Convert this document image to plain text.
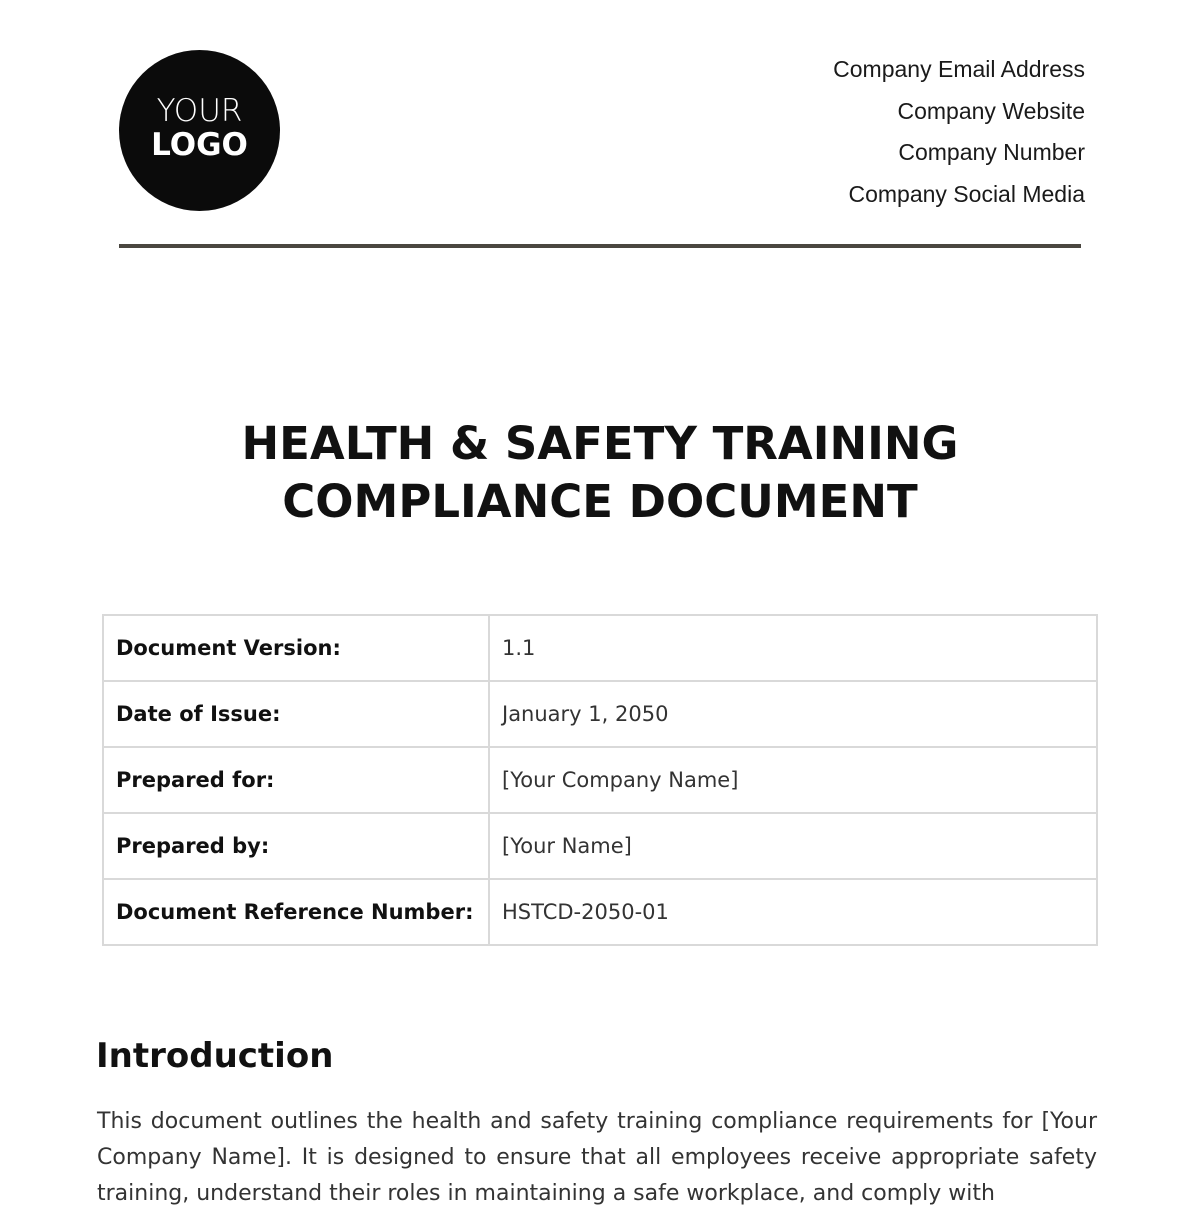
YOUR
LOGO
Company Email Address
Company Website
Company Number
Company Social Media
HEALTH & SAFETY TRAINING
COMPLIANCE DOCUMENT
Document Version:	1.1
Date of Issue:	January 1, 2050
Prepared for:	[Your Company Name]
Prepared by:	[Your Name]
Document Reference Number:	HSTCD-2050-01
Introduction

This document outlines the health and safety training compliance requirements for [Your Company Name]. It is designed to ensure that all employees receive appropriate safety training, understand their roles in maintaining a safe workplace, and comply with
